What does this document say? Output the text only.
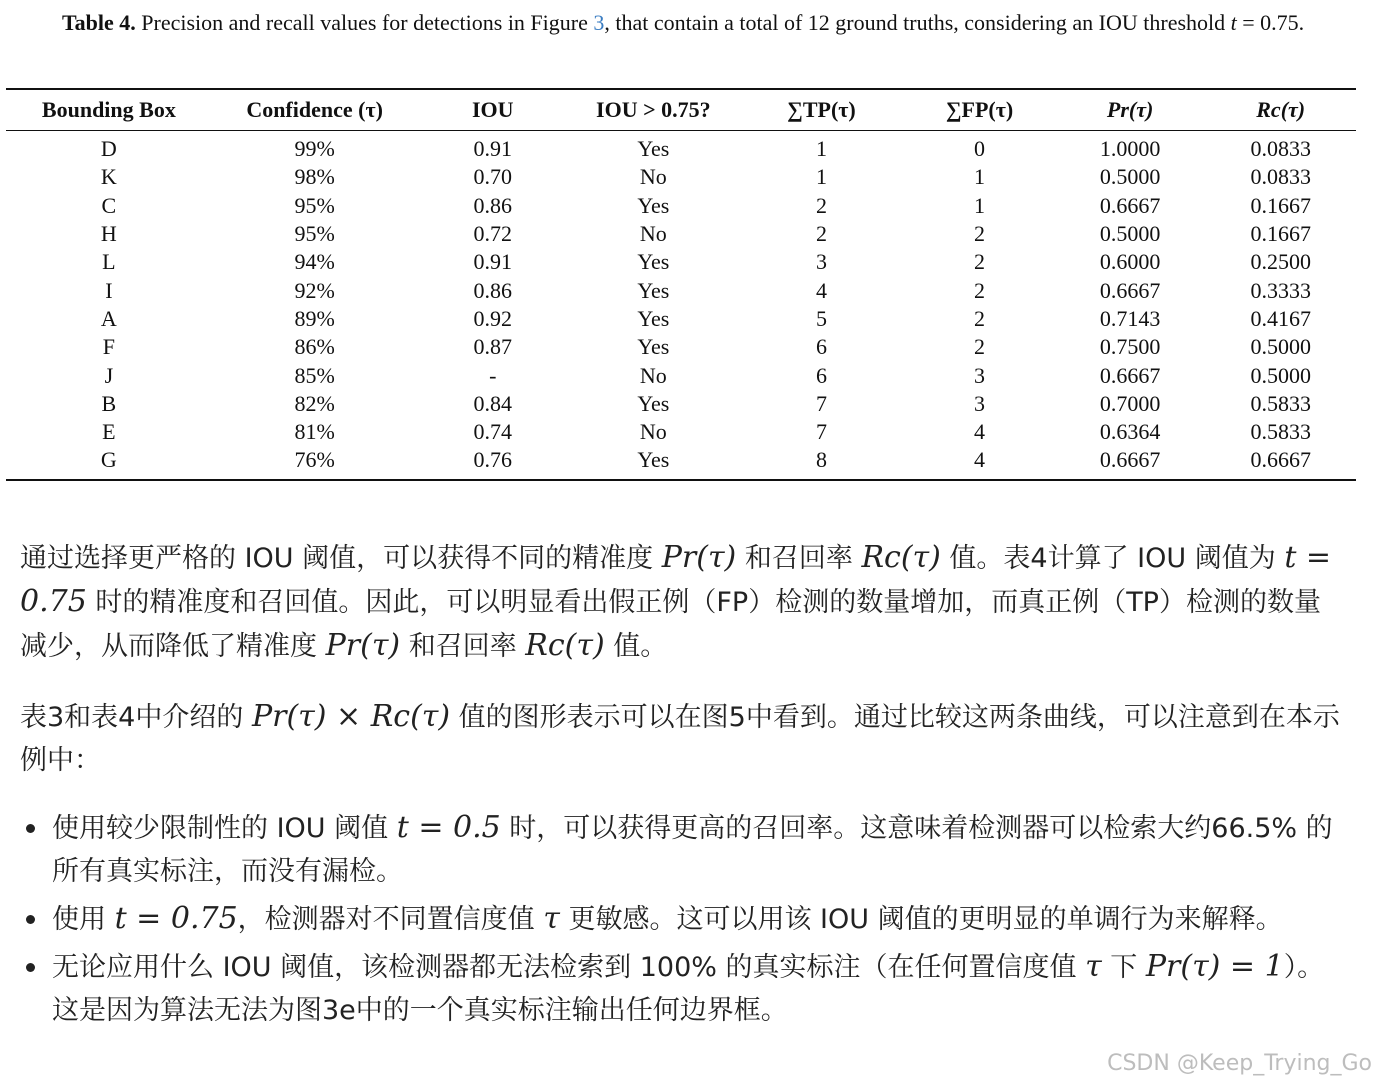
Table 4. Precision and recall values for detections in Figure 3, that contain a total of 12 ground truths, considering an IOU threshold t = 0.75.
Bounding Box	Confidence (τ)	IOU	IOU > 0.75?	∑TP(τ)	∑FP(τ)	Pr(τ)	Rc(τ)
D	99%	0.91	Yes	1	0	1.0000	0.0833
K	98%	0.70	No	1	1	0.5000	0.0833
C	95%	0.86	Yes	2	1	0.6667	0.1667
H	95%	0.72	No	2	2	0.5000	0.1667
L	94%	0.91	Yes	3	2	0.6000	0.2500
I	92%	0.86	Yes	4	2	0.6667	0.3333
A	89%	0.92	Yes	5	2	0.7143	0.4167
F	86%	0.87	Yes	6	2	0.7500	0.5000
J	85%	-	No	6	3	0.6667	0.5000
B	82%	0.84	Yes	7	3	0.7000	0.5833
E	81%	0.74	No	7	4	0.6364	0.5833
G	76%	0.76	Yes	8	4	0.6667	0.6667
通过选择更严格的 IOU 阈值，可以获得不同的精准度 Pr(τ) 和召回率 Rc(τ) 值。表4计算了 IOU 阈值为 t = 0.75 时的精准度和召回值。因此，可以明显看出假正例（FP）检测的数量增加，而真正例（TP）检测的数量减少，从而降低了精准度 Pr(τ) 和召回率 Rc(τ) 值。
表3和表4中介绍的 Pr(τ) × Rc(τ) 值的图形表示可以在图5中看到。通过比较这两条曲线，可以注意到在本示例中：
使用较少限制性的 IOU 阈值 t = 0.5 时，可以获得更高的召回率。这意味着检测器可以检索大约66.5% 的所有真实标注，而没有漏检。
使用 t = 0.75，检测器对不同置信度值 τ 更敏感。这可以用该 IOU 阈值的更明显的单调行为来解释。
无论应用什么 IOU 阈值，该检测器都无法检索到 100% 的真实标注（在任何置信度值 τ 下 Pr(τ) = 1）。这是因为算法无法为图3e中的一个真实标注输出任何边界框。
CSDN @Keep_Trying_Go
